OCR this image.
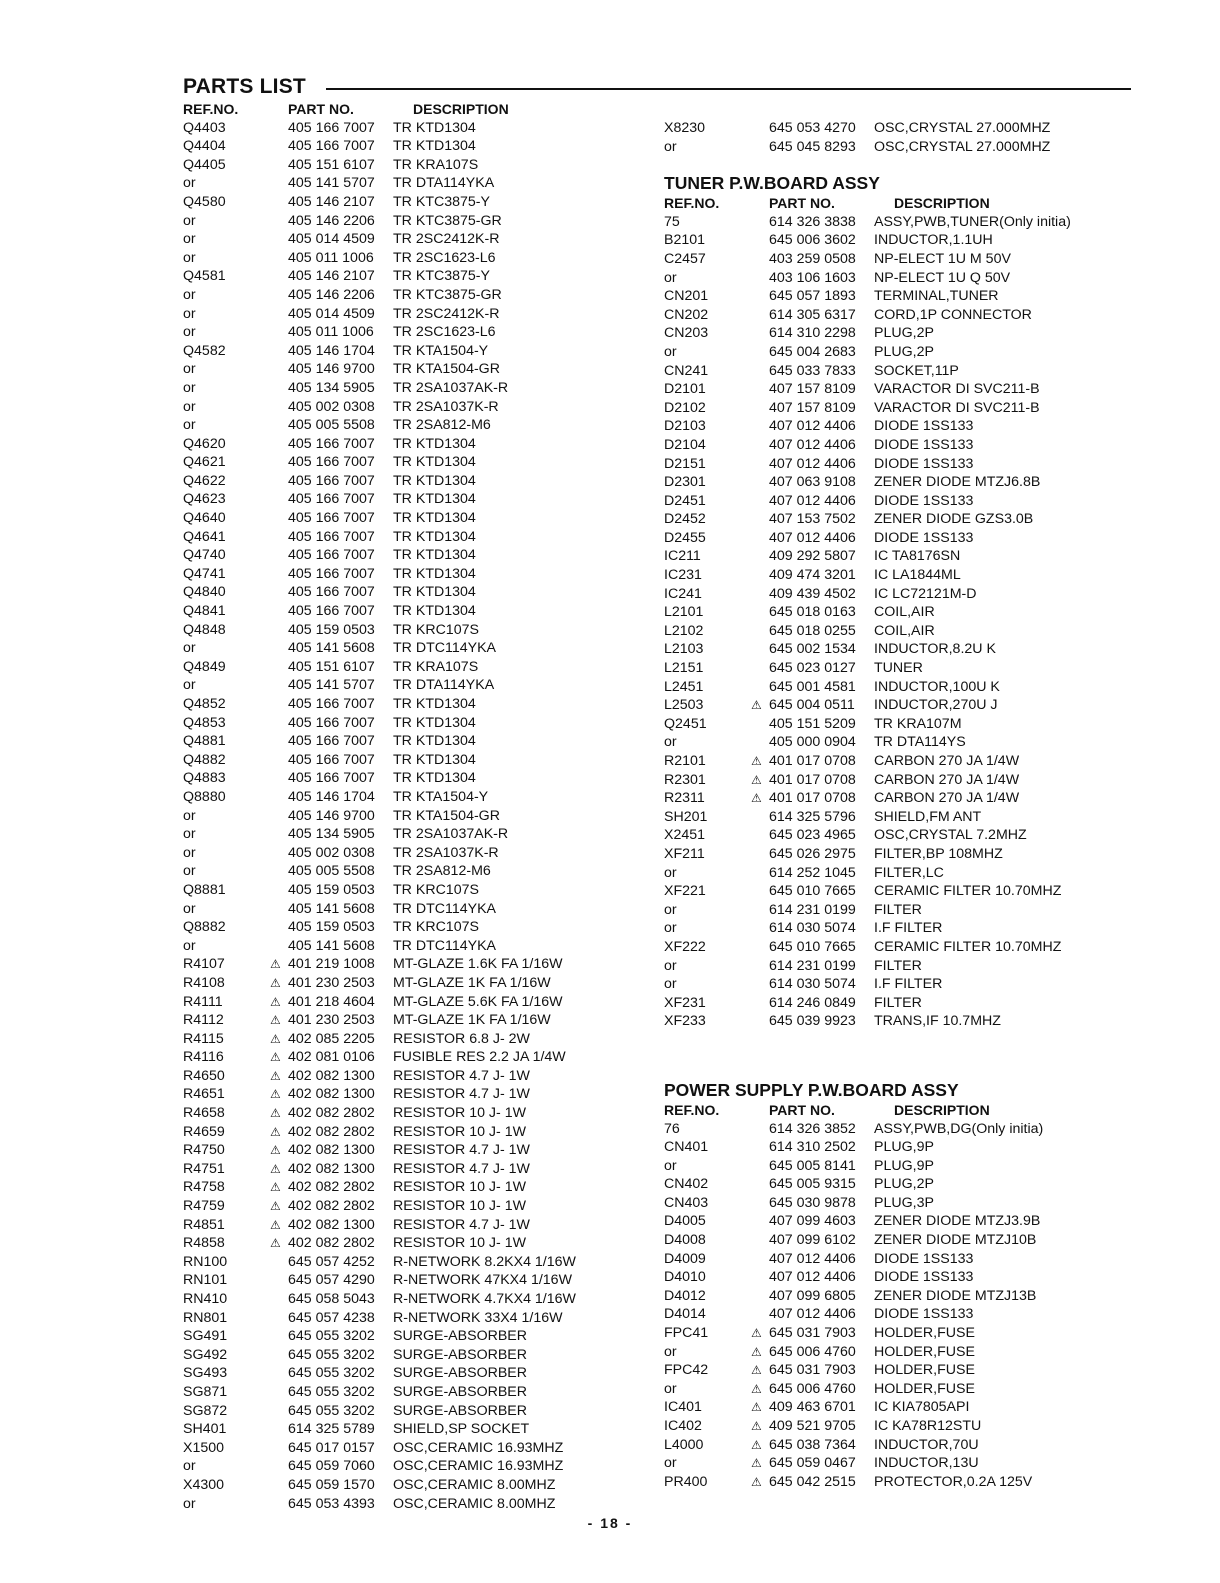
PARTS LIST
REF.NO.	PART NO.	DESCRIPTION
Q4403	405 166 7007 TR KTD1304
Q4404	405 166 7007 TR KTD1304
Q4405	405 151 6107 TR KRA107S
or	405 141 5707 TR DTA114YKA
Q4580	405 146 2107 TR KTC3875-Y
or	405 146 2206 TR KTC3875-GR
or	405 014 4509 TR 2SC2412K-R
or	405 011 1006 TR 2SC1623-L6
Q4581	405 146 2107 TR KTC3875-Y
or	405 146 2206 TR KTC3875-GR
or	405 014 4509 TR 2SC2412K-R
or	405 011 1006 TR 2SC1623-L6
Q4582	405 146 1704 TR KTA1504-Y
or	405 146 9700 TR KTA1504-GR
or	405 134 5905 TR 2SA1037AK-R
or	405 002 0308 TR 2SA1037K-R
or	405 005 5508 TR 2SA812-M6
Q4620	405 166 7007 TR KTD1304
Q4621	405 166 7007 TR KTD1304
Q4622	405 166 7007 TR KTD1304
Q4623	405 166 7007 TR KTD1304
Q4640	405 166 7007 TR KTD1304
Q4641	405 166 7007 TR KTD1304
Q4740	405 166 7007 TR KTD1304
Q4741	405 166 7007 TR KTD1304
Q4840	405 166 7007 TR KTD1304
Q4841	405 166 7007 TR KTD1304
Q4848	405 159 0503 TR KRC107S
or	405 141 5608 TR DTC114YKA
Q4849	405 151 6107 TR KRA107S
or	405 141 5707 TR DTA114YKA
Q4852	405 166 7007 TR KTD1304
Q4853	405 166 7007 TR KTD1304
Q4881	405 166 7007 TR KTD1304
Q4882	405 166 7007 TR KTD1304
Q4883	405 166 7007 TR KTD1304
Q8880	405 146 1704 TR KTA1504-Y
or	405 146 9700 TR KTA1504-GR
or	405 134 5905 TR 2SA1037AK-R
or	405 002 0308 TR 2SA1037K-R
or	405 005 5508 TR 2SA812-M6
Q8881	405 159 0503 TR KRC107S
or	405 141 5608 TR DTC114YKA
Q8882	405 159 0503 TR KRC107S
or	405 141 5608 TR DTC114YKA
R4107	⚠ 401 219 1008 MT-GLAZE 1.6K FA 1/16W
R4108	⚠ 401 230 2503 MT-GLAZE 1K FA 1/16W
R4111	⚠ 401 218 4604 MT-GLAZE 5.6K FA 1/16W
R4112	⚠ 401 230 2503 MT-GLAZE 1K FA 1/16W
R4115	⚠ 402 085 2205 RESISTOR 6.8 J- 2W
R4116	⚠ 402 081 0106 FUSIBLE RES 2.2 JA 1/4W
R4650	⚠ 402 082 1300 RESISTOR 4.7 J- 1W
R4651	⚠ 402 082 1300 RESISTOR 4.7 J- 1W
R4658	⚠ 402 082 2802 RESISTOR 10 J- 1W
R4659	⚠ 402 082 2802 RESISTOR 10 J- 1W
R4750	⚠ 402 082 1300 RESISTOR 4.7 J- 1W
R4751	⚠ 402 082 1300 RESISTOR 4.7 J- 1W
R4758	⚠ 402 082 2802 RESISTOR 10 J- 1W
R4759	⚠ 402 082 2802 RESISTOR 10 J- 1W
R4851	⚠ 402 082 1300 RESISTOR 4.7 J- 1W
R4858	⚠ 402 082 2802 RESISTOR 10 J- 1W
RN100	645 057 4252 R-NETWORK 8.2KX4 1/16W
RN101	645 057 4290 R-NETWORK 47KX4 1/16W
RN410	645 058 5043 R-NETWORK 4.7KX4 1/16W
RN801	645 057 4238 R-NETWORK 33X4 1/16W
SG491	645 055 3202 SURGE-ABSORBER
SG492	645 055 3202 SURGE-ABSORBER
SG493	645 055 3202 SURGE-ABSORBER
SG871	645 055 3202 SURGE-ABSORBER
SG872	645 055 3202 SURGE-ABSORBER
SH401	614 325 5789 SHIELD,SP SOCKET
X1500	645 017 0157 OSC,CERAMIC 16.93MHZ
or	645 059 7060 OSC,CERAMIC 16.93MHZ
X4300	645 059 1570 OSC,CERAMIC 8.00MHZ
or	645 053 4393 OSC,CERAMIC 8.00MHZ
X8230	645 053 4270 OSC,CRYSTAL 27.000MHZ
or	645 045 8293 OSC,CRYSTAL 27.000MHZ
TUNER P.W.BOARD ASSY
REF.NO.	PART NO.	DESCRIPTION
75	614 326 3838 ASSY,PWB,TUNER(Only initia)
B2101	645 006 3602 INDUCTOR,1.1UH
C2457	403 259 0508 NP-ELECT 1U M 50V
or	403 106 1603 NP-ELECT 1U Q 50V
CN201	645 057 1893 TERMINAL,TUNER
CN202	614 305 6317 CORD,1P CONNECTOR
CN203	614 310 2298 PLUG,2P
or	645 004 2683 PLUG,2P
CN241	645 033 7833 SOCKET,11P
D2101	407 157 8109 VARACTOR DI SVC211-B
D2102	407 157 8109 VARACTOR DI SVC211-B
D2103	407 012 4406 DIODE 1SS133
D2104	407 012 4406 DIODE 1SS133
D2151	407 012 4406 DIODE 1SS133
D2301	407 063 9108 ZENER DIODE MTZJ6.8B
D2451	407 012 4406 DIODE 1SS133
D2452	407 153 7502 ZENER DIODE GZS3.0B
D2455	407 012 4406 DIODE 1SS133
IC211	409 292 5807 IC TA8176SN
IC231	409 474 3201 IC LA1844ML
IC241	409 439 4502 IC LC72121M-D
L2101	645 018 0163 COIL,AIR
L2102	645 018 0255 COIL,AIR
L2103	645 002 1534 INDUCTOR,8.2U K
L2151	645 023 0127 TUNER
L2451	645 001 4581 INDUCTOR,100U K
L2503	⚠ 645 004 0511 INDUCTOR,270U J
Q2451	405 151 5209 TR KRA107M
or	405 000 0904 TR DTA114YS
R2101	⚠ 401 017 0708 CARBON 270 JA 1/4W
R2301	⚠ 401 017 0708 CARBON 270 JA 1/4W
R2311	⚠ 401 017 0708 CARBON 270 JA 1/4W
SH201	614 325 5796 SHIELD,FM ANT
X2451	645 023 4965 OSC,CRYSTAL 7.2MHZ
XF211	645 026 2975 FILTER,BP 108MHZ
or	614 252 1045 FILTER,LC
XF221	645 010 7665 CERAMIC FILTER 10.70MHZ
or	614 231 0199 FILTER
or	614 030 5074 I.F FILTER
XF222	645 010 7665 CERAMIC FILTER 10.70MHZ
or	614 231 0199 FILTER
or	614 030 5074 I.F FILTER
XF231	614 246 0849 FILTER
XF233	645 039 9923 TRANS,IF 10.7MHZ
POWER SUPPLY P.W.BOARD ASSY
REF.NO.	PART NO.	DESCRIPTION
76	614 326 3852 ASSY,PWB,DG(Only initia)
CN401	614 310 2502 PLUG,9P
or	645 005 8141 PLUG,9P
CN402	645 005 9315 PLUG,2P
CN403	645 030 9878 PLUG,3P
D4005	407 099 4603 ZENER DIODE MTZJ3.9B
D4008	407 099 6102 ZENER DIODE MTZJ10B
D4009	407 012 4406 DIODE 1SS133
D4010	407 012 4406 DIODE 1SS133
D4012	407 099 6805 ZENER DIODE MTZJ13B
D4014	407 012 4406 DIODE 1SS133
FPC41	⚠ 645 031 7903 HOLDER,FUSE
or	⚠ 645 006 4760 HOLDER,FUSE
FPC42	⚠ 645 031 7903 HOLDER,FUSE
or	⚠ 645 006 4760 HOLDER,FUSE
IC401	⚠ 409 463 6701 IC KIA7805API
IC402	⚠ 409 521 9705 IC KA78R12STU
L4000	⚠ 645 038 7364 INDUCTOR,70U
or	⚠ 645 059 0467 INDUCTOR,13U
PR400	⚠ 645 042 2515 PROTECTOR,0.2A 125V
- 18 -
